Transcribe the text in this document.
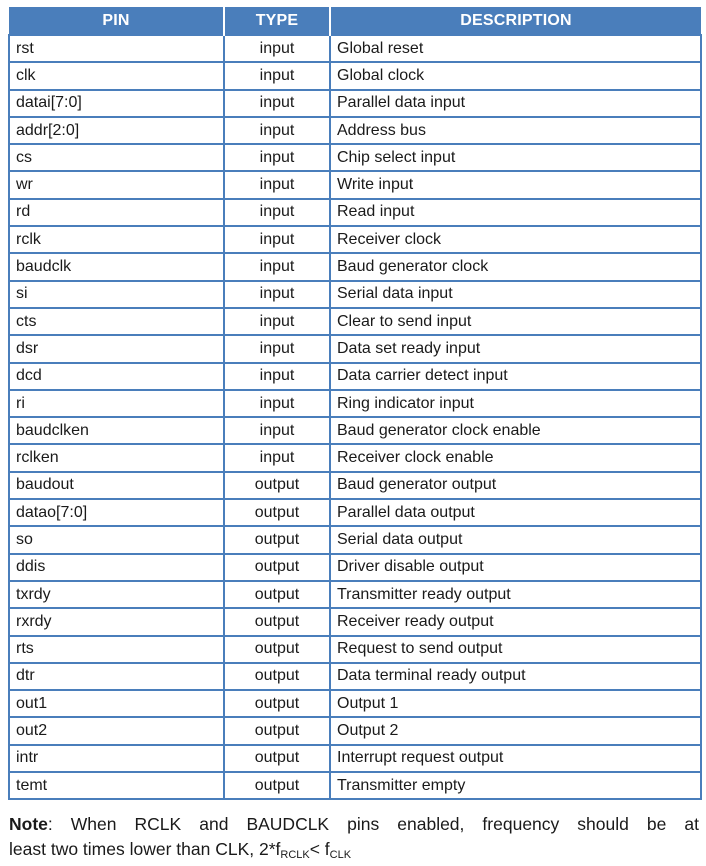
PIN	TYPE	DESCRIPTION
rst	input	Global reset
clk	input	Global clock
datai[7:0]	input	Parallel data input
addr[2:0]	input	Address bus
cs	input	Chip select input
wr	input	Write input
rd	input	Read input
rclk	input	Receiver clock
baudclk	input	Baud generator clock
si	input	Serial data input
cts	input	Clear to send input
dsr	input	Data set ready input
dcd	input	Data carrier detect input
ri	input	Ring indicator input
baudclken	input	Baud generator clock enable
rclken	input	Receiver clock enable
baudout	output	Baud generator output
datao[7:0]	output	Parallel data output
so	output	Serial data output
ddis	output	Driver disable output
txrdy	output	Transmitter ready output
rxrdy	output	Receiver ready output
rts	output	Request to send output
dtr	output	Data terminal ready output
out1	output	Output 1
out2	output	Output 2
intr	output	Interrupt request output
temt	output	Transmitter empty
Note: When RCLK and BAUDCLK pins enabled, frequency should be at
least two times lower than CLK, $2*f_{RCLK}< f_{CLK}$
